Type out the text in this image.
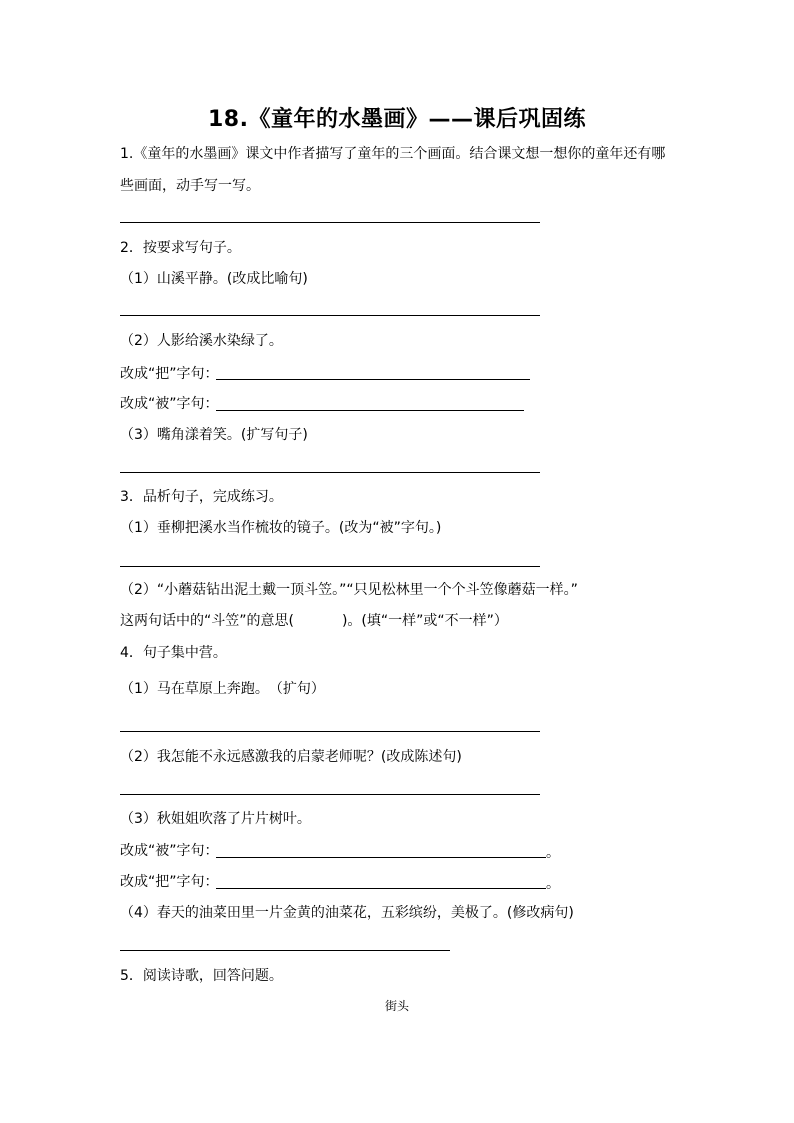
18.《童年的水墨画》——课后巩固练
1.《童年的水墨画》课文中作者描写了童年的三个画面。结合课文想一想你的童年还有哪
些画面，动手写一写。
2．按要求写句子。
（1）山溪平静。(改成比喻句)
（2）人影给溪水染绿了。
改成“把”字句：
改成“被”字句：
（3）嘴角漾着笑。(扩写句子)
3．品析句子，完成练习。
（1）垂柳把溪水当作梳妆的镜子。(改为“被”字句。)
（2）“小蘑菇钻出泥土戴一顶斗笠。”“只见松林里一个个斗笠像蘑菇一样。”
这两句话中的“斗笠”的意思(	)。(填“一样”或“不一样”）
4．句子集中营。
（1）马在草原上奔跑。　（扩句）
（2）我怎能不永远感激我的启蒙老师呢？(改成陈述句)
（3）秋姐姐吹落了片片树叶。
改成“被”字句：	。
改成“把”字句：	。
（4）春天的油菜田里一片金黄的油菜花，五彩缤纷，美极了。(修改病句)
5．阅读诗歌，回答问题。
街头
